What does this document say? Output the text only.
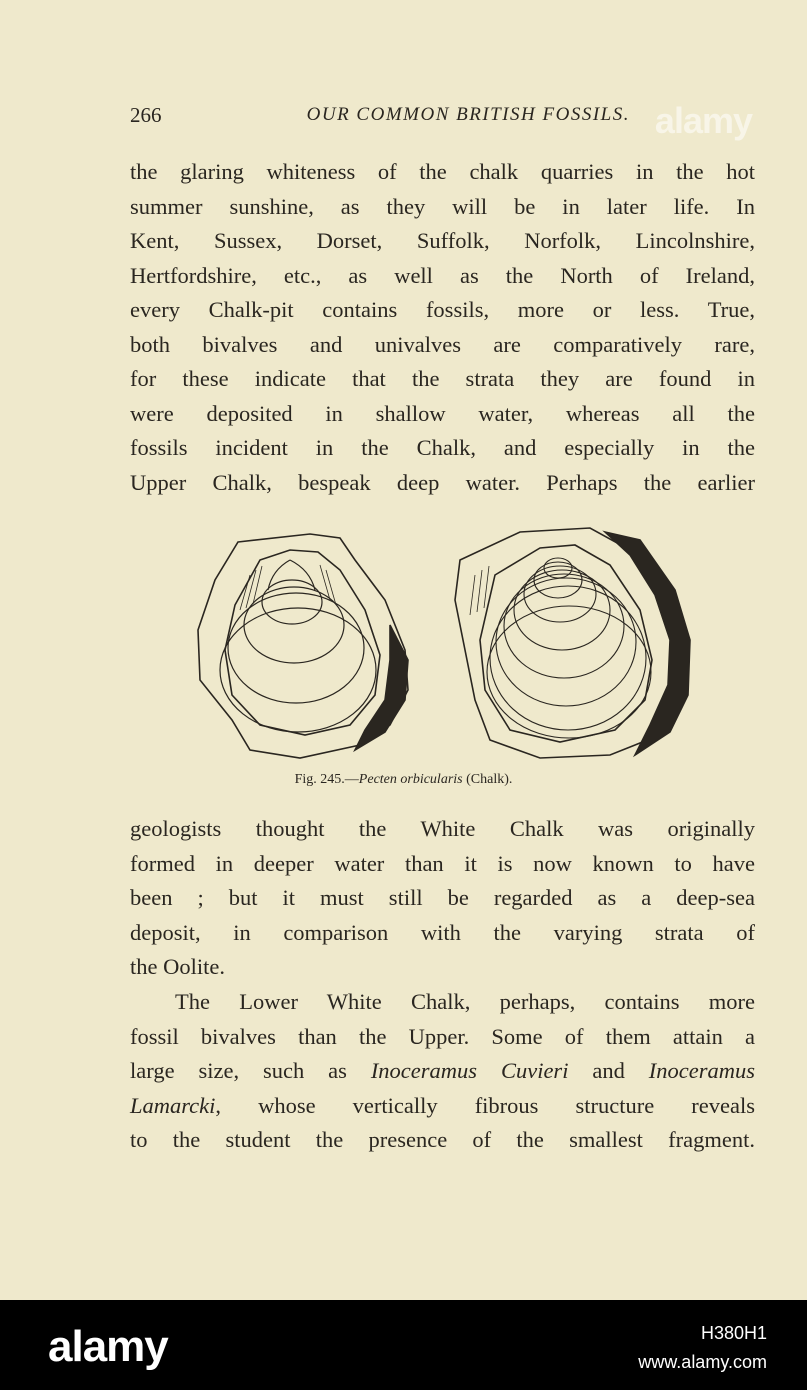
266	OUR COMMON BRITISH FOSSILS. alamy
the glaring whiteness of the chalk quarries in the hot
summer sunshine, as they will be in later life. In
Kent, Sussex, Dorset, Suffolk, Norfolk, Lincolnshire,
Hertfordshire, etc., as well as the North of Ireland,
every Chalk-pit contains fossils, more or less. True,
both bivalves and univalves are comparatively rare,
for these indicate that the strata they are found in
were deposited in shallow water, whereas all the
fossils incident in the Chalk, and especially in the
Upper Chalk, bespeak deep water. Perhaps the earlier
Fig. 245.—Pecten orbicularis (Chalk).
geologists thought the White Chalk was originally
formed in deeper water than it is now known to have
been ; but it must still be regarded as a deep-sea
deposit, in comparison with the varying strata of
the Oolite.
The Lower White Chalk, perhaps, contains more
fossil bivalves than the Upper. Some of them attain a
large size, such as Inoceramus Cuvieri and Inoceramus
Lamarcki, whose vertically fibrous structure reveals
to the student the presence of the smallest fragment.
alamy	H380H1
www.alamy.com
